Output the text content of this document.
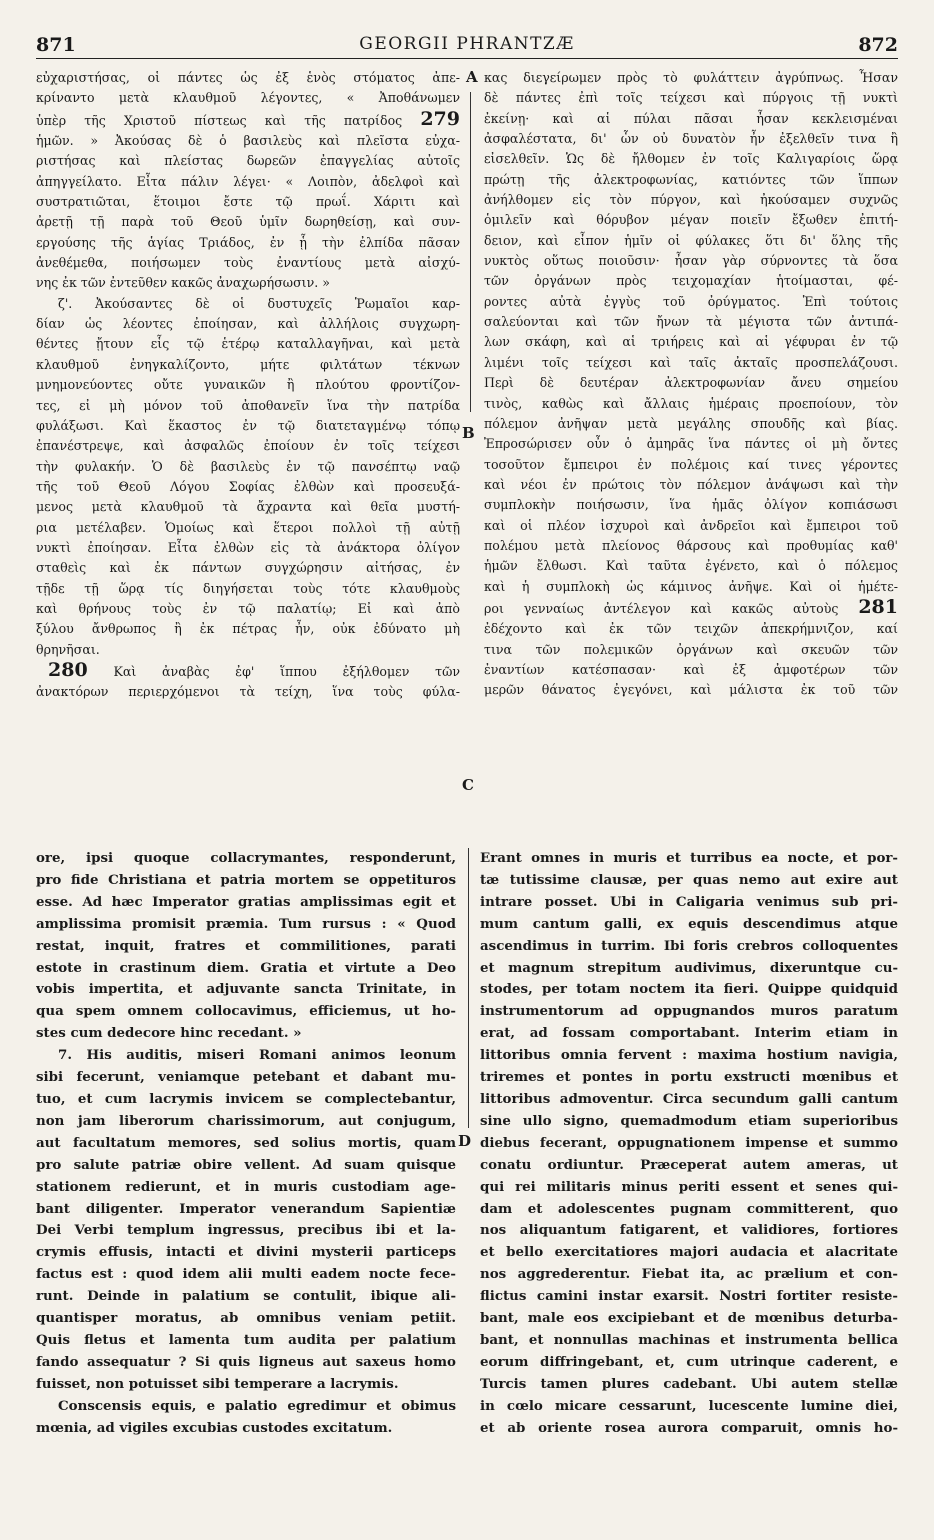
871	GEORGII PHRANTZÆ	872
εὐχαριστήσας, οἱ πάντες ὡς ἐξ ἑνὸς στόματος ἀπε-
κρίναντο μετὰ κλαυθμοῦ λέγοντες, « Ἀποθάνωμεν
ὑπὲρ τῆς Χριστοῦ πίστεως καὶ τῆς πατρίδος 279
ἡμῶν. » Ἀκούσας δὲ ὁ βασιλεὺς καὶ πλεῖστα εὐχα-
ριστήσας καὶ πλείστας δωρεῶν ἐπαγγελίας αὐτοῖς
ἀπηγγείλατο. Εἶτα πάλιν λέγει· « Λοιπὸν, ἀδελφοὶ καὶ
συστρατιῶται, ἕτοιμοι ἔστε τῷ πρωΐ. Χάριτι καὶ
ἀρετῇ τῇ παρὰ τοῦ Θεοῦ ὑμῖν δωρηθείσῃ, καὶ συν-
εργούσης τῆς ἁγίας Τριάδος, ἐν ᾗ τὴν ἐλπίδα πᾶσαν
ἀνεθέμεθα, ποιήσωμεν τοὺς ἐναντίους μετὰ αἰσχύ-
νης ἐκ τῶν ἐντεῦθεν κακῶς ἀναχωρήσωσιν. »
ζ'. Ἀκούσαντες δὲ οἱ δυστυχεῖς Ῥωμαῖοι καρ-
δίαν ὡς λέοντες ἐποίησαν, καὶ ἀλλήλοις συγχωρη-
θέντες ᾔτουν εἷς τῷ ἑτέρῳ καταλλαγῆναι, καὶ μετὰ
κλαυθμοῦ ἐνηγκαλίζοντο, μήτε φιλτάτων τέκνων
μνημονεύοντες οὔτε γυναικῶν ἢ πλούτου φροντίζον-
τες, εἰ μὴ μόνον τοῦ ἀποθανεῖν ἵνα τὴν πατρίδα
φυλάξωσι. Καὶ ἕκαστος ἐν τῷ διατεταγμένῳ τόπῳ
ἐπανέστρεψε, καὶ ἀσφαλῶς ἐποίουν ἐν τοῖς τείχεσι
τὴν φυλακήν. Ὁ δὲ βασιλεὺς ἐν τῷ πανσέπτῳ ναῷ
τῆς τοῦ Θεοῦ Λόγου Σοφίας ἐλθὼν καὶ προσευξά-
μενος μετὰ κλαυθμοῦ τὰ ἄχραντα καὶ θεῖα μυστή-
ρια μετέλαβεν. Ὁμοίως καὶ ἕτεροι πολλοὶ τῇ αὐτῇ
νυκτὶ ἐποίησαν. Εἶτα ἐλθὼν εἰς τὰ ἀνάκτορα ὀλίγον
σταθεὶς καὶ ἐκ πάντων συγχώρησιν αἰτήσας, ἐν
τῇδε τῇ ὥρᾳ τίς διηγήσεται τοὺς τότε κλαυθμοὺς
καὶ θρήνους τοὺς ἐν τῷ παλατίῳ; Εἰ καὶ ἀπὸ
ξύλου ἄνθρωπος ἢ ἐκ πέτρας ἦν, οὐκ ἐδύνατο μὴ
θρηνῆσαι.
280 Καὶ ἀναβὰς ἐφ' ἵππου ἐξήλθομεν τῶν
ἀνακτόρων περιερχόμενοι τὰ τείχη, ἵνα τοὺς φύλα-
κας διεγείρωμεν πρὸς τὸ φυλάττειν ἀγρύπνως. Ἦσαν
δὲ πάντες ἐπὶ τοῖς τείχεσι καὶ πύργοις τῇ νυκτὶ
ἐκείνῃ· καὶ αἱ πύλαι πᾶσαι ἦσαν κεκλεισμέναι
ἀσφαλέστατα, δι' ὧν οὐ δυνατὸν ἦν ἐξελθεῖν τινα ἢ
εἰσελθεῖν. Ὡς δὲ ἤλθομεν ἐν τοῖς Καλιγαρίοις ὥρᾳ
πρώτῃ τῆς ἀλεκτροφωνίας, κατιόντες τῶν ἵππων
ἀνήλθομεν εἰς τὸν πύργον, καὶ ἠκούσαμεν συχνῶς
ὁμιλεῖν καὶ θόρυβον μέγαν ποιεῖν ἔξωθεν ἐπιτή-
δειον, καὶ εἶπον ἡμῖν οἱ φύλακες ὅτι δι' ὅλης τῆς
νυκτὸς οὕτως ποιοῦσιν· ἦσαν γὰρ σύρνοντες τὰ ὅσα
τῶν ὀργάνων πρὸς τειχομαχίαν ἡτοίμασται, φέ-
ροντες αὐτὰ ἐγγὺς τοῦ ὀρύγματος. Ἐπὶ τούτοις
σαλεύονται καὶ τῶν ἤνων τὰ μέγιστα τῶν ἀντιπά-
λων σκάφη, καὶ αἱ τριήρεις καὶ αἱ γέφυραι ἐν τῷ
λιμένι τοῖς τείχεσι καὶ ταῖς ἀκταῖς προσπελάζουσι.
Περὶ δὲ δευτέραν ἀλεκτροφωνίαν ἄνευ σημείου
τινὸς, καθὼς καὶ ἄλλαις ἡμέραις προεποίουν, τὸν
πόλεμον ἀνῆψαν μετὰ μεγάλης σπουδῆς καὶ βίας.
Ἐπροσώρισεν οὖν ὁ ἀμηρᾶς ἵνα πάντες οἱ μὴ ὄντες
τοσοῦτον ἔμπειροι ἐν πολέμοις καί τινες γέροντες
καὶ νέοι ἐν πρώτοις τὸν πόλεμον ἀνάψωσι καὶ τὴν
συμπλοκὴν ποιήσωσιν, ἵνα ἡμᾶς ὀλίγον κοπιάσωσι
καὶ οἱ πλέον ἰσχυροὶ καὶ ἀνδρεῖοι καὶ ἔμπειροι τοῦ
πολέμου μετὰ πλείονος θάρσους καὶ προθυμίας καθ'
ἡμῶν ἔλθωσι. Καὶ ταῦτα ἐγένετο, καὶ ὁ πόλεμος
καὶ ἡ συμπλοκὴ ὡς κάμινος ἀνῆψε. Καὶ οἱ ἡμέτε-
ροι γενναίως ἀντέλεγον καὶ κακῶς αὐτοὺς 281
ἐδέχοντο καὶ ἐκ τῶν τειχῶν ἀπεκρήμνιζον, καί
τινα τῶν πολεμικῶν ὀργάνων καὶ σκευῶν τῶν
ἐναντίων κατέσπασαν· καὶ ἐξ ἀμφοτέρων τῶν
μερῶν θάνατος ἐγεγόνει, καὶ μάλιστα ἐκ τοῦ τῶν
ore, ipsi quoque collacrymantes, responderunt,
pro fide Christiana et patria mortem se oppetituros
esse. Ad hæc Imperator gratias amplissimas egit et
amplissima promisit præmia. Tum rursus : « Quod
restat, inquit, fratres et commilitiones, parati
estote in crastinum diem. Gratia et virtute a Deo
vobis impertita, et adjuvante sancta Trinitate, in
qua spem omnem collocavimus, efficiemus, ut ho-
stes cum dedecore hinc recedant. »
7. His auditis, miseri Romani animos leonum
sibi fecerunt, veniamque petebant et dabant mu-
tuo, et cum lacrymis invicem se complectebantur,
non jam liberorum charissimorum, aut conjugum,
aut facultatum memores, sed solius mortis, quam
pro salute patriæ obire vellent. Ad suam quisque
stationem redierunt, et in muris custodiam age-
bant diligenter. Imperator venerandum Sapientiæ
Dei Verbi templum ingressus, precibus ibi et la-
crymis effusis, intacti et divini mysterii particeps
factus est : quod idem alii multi eadem nocte fece-
runt. Deinde in palatium se contulit, ibique ali-
quantisper moratus, ab omnibus veniam petiit.
Quis fletus et lamenta tum audita per palatium
fando assequatur ? Si quis ligneus aut saxeus homo
fuisset, non potuisset sibi temperare a lacrymis.
Conscensis equis, e palatio egredimur et obimus
mœnia, ad vigiles excubias custodes excitatum.
Erant omnes in muris et turribus ea nocte, et por-
tæ tutissime clausæ, per quas nemo aut exire aut
intrare posset. Ubi in Caligaria venimus sub pri-
mum cantum galli, ex equis descendimus atque
ascendimus in turrim. Ibi foris crebros colloquentes
et magnum strepitum audivimus, dixeruntque cu-
stodes, per totam noctem ita fieri. Quippe quidquid
instrumentorum ad oppugnandos muros paratum
erat, ad fossam comportabant. Interim etiam in
littoribus omnia fervent : maxima hostium navigia,
triremes et pontes in portu exstructi mœnibus et
littoribus admoventur. Circa secundum galli cantum
sine ullo signo, quemadmodum etiam superioribus
diebus fecerant, oppugnationem impense et summo
conatu ordiuntur. Præceperat autem ameras, ut
qui rei militaris minus periti essent et senes qui-
dam et adolescentes pugnam committerent, quo
nos aliquantum fatigarent, et validiores, fortiores
et bello exercitatiores majori audacia et alacritate
nos aggrederentur. Fiebat ita, ac prælium et con-
flictus camini instar exarsit. Nostri fortiter resiste-
bant, male eos excipiebant et de mœnibus deturba-
bant, et nonnullas machinas et instrumenta bellica
eorum diffringebant, et, cum utrinque caderent, e
Turcis tamen plures cadebant. Ubi autem stellæ
in cœlo micare cessarunt, lucescente lumine diei,
et ab oriente rosea aurora comparuit, omnis ho-
A
B
C
D
